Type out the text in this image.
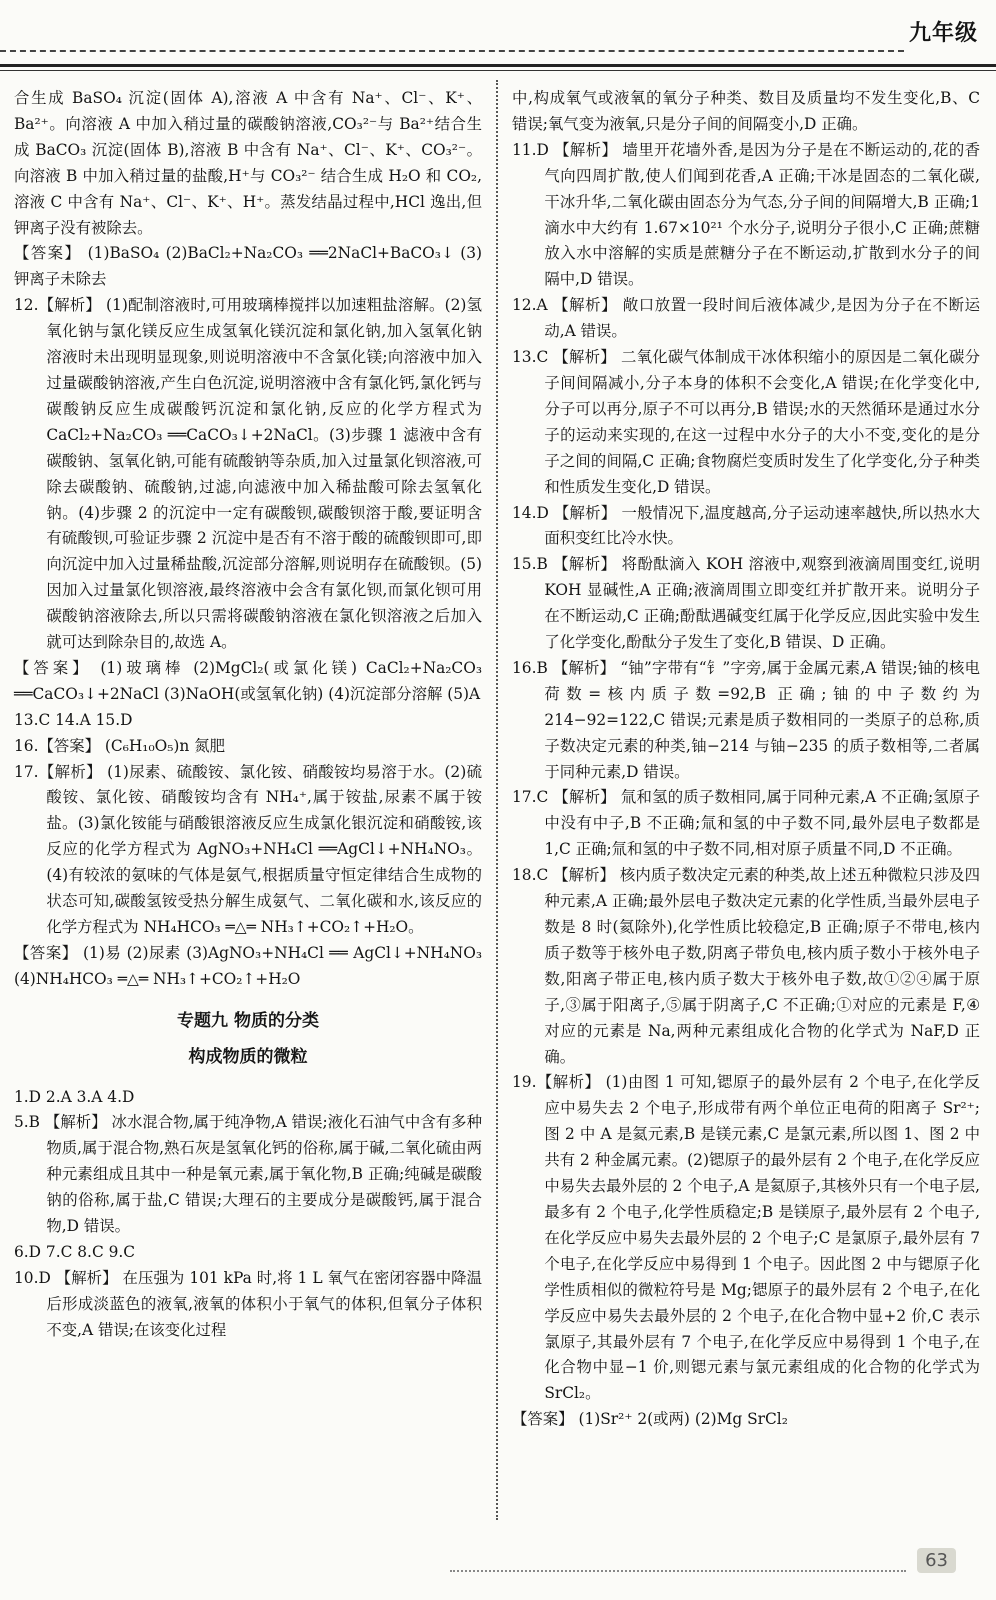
九年级

合生成 BaSO₄ 沉淀(固体 A),溶液 A 中含有 Na⁺、Cl⁻、K⁺、Ba²⁺。向溶液 A 中加入稍过量的碳酸钠溶液,CO₃²⁻与 Ba²⁺结合生成 BaCO₃ 沉淀(固体 B),溶液 B 中含有 Na⁺、Cl⁻、K⁺、CO₃²⁻。向溶液 B 中加入稍过量的盐酸,H⁺与 CO₃²⁻ 结合生成 H₂O 和 CO₂,溶液 C 中含有 Na⁺、Cl⁻、K⁺、H⁺。蒸发结晶过程中,HCl 逸出,但钾离子没有被除去。

【答案】 (1)BaSO₄ (2)BaCl₂+Na₂CO₃ ══2NaCl+BaCO₃↓ (3)钾离子未除去

12.【解析】 (1)配制溶液时,可用玻璃棒搅拌以加速粗盐溶解。(2)氢氧化钠与氯化镁反应生成氢氧化镁沉淀和氯化钠,加入氢氧化钠溶液时未出现明显现象,则说明溶液中不含氯化镁;向溶液中加入过量碳酸钠溶液,产生白色沉淀,说明溶液中含有氯化钙,氯化钙与碳酸钠反应生成碳酸钙沉淀和氯化钠,反应的化学方程式为 CaCl₂+Na₂CO₃ ══CaCO₃↓+2NaCl。(3)步骤 1 滤液中含有碳酸钠、氢氧化钠,可能有硫酸钠等杂质,加入过量氯化钡溶液,可除去碳酸钠、硫酸钠,过滤,向滤液中加入稀盐酸可除去氢氧化钠。(4)步骤 2 的沉淀中一定有碳酸钡,碳酸钡溶于酸,要证明含有硫酸钡,可验证步骤 2 沉淀中是否有不溶于酸的硫酸钡即可,即向沉淀中加入过量稀盐酸,沉淀部分溶解,则说明存在硫酸钡。(5)因加入过量氯化钡溶液,最终溶液中会含有氯化钡,而氯化钡可用碳酸钠溶液除去,所以只需将碳酸钠溶液在氯化钡溶液之后加入就可达到除杂目的,故选 A。

【答案】 (1)玻璃棒 (2)MgCl₂(或氯化镁) CaCl₂+Na₂CO₃ ══CaCO₃↓+2NaCl (3)NaOH(或氢氧化钠) (4)沉淀部分溶解 (5)A

13.C 14.A 15.D

16.【答案】 (C₆H₁₀O₅)n 氮肥

17.【解析】 (1)尿素、硫酸铵、氯化铵、硝酸铵均易溶于水。(2)硫酸铵、氯化铵、硝酸铵均含有 NH₄⁺,属于铵盐,尿素不属于铵盐。(3)氯化铵能与硝酸银溶液反应生成氯化银沉淀和硝酸铵,该反应的化学方程式为 AgNO₃+NH₄Cl ══AgCl↓+NH₄NO₃。(4)有较浓的氨味的气体是氨气,根据质量守恒定律结合生成物的状态可知,碳酸氢铵受热分解生成氨气、二氧化碳和水,该反应的化学方程式为 NH₄HCO₃ ═△═ NH₃↑+CO₂↑+H₂O。

【答案】 (1)易 (2)尿素 (3)AgNO₃+NH₄Cl ══ AgCl↓+NH₄NO₃ (4)NH₄HCO₃ ═△═ NH₃↑+CO₂↑+H₂O

专题九 物质的分类

构成物质的微粒

1.D 2.A 3.A 4.D

5.B 【解析】 冰水混合物,属于纯净物,A 错误;液化石油气中含有多种物质,属于混合物,熟石灰是氢氧化钙的俗称,属于碱,二氧化硫由两种元素组成且其中一种是氧元素,属于氧化物,B 正确;纯碱是碳酸钠的俗称,属于盐,C 错误;大理石的主要成分是碳酸钙,属于混合物,D 错误。

6.D 7.C 8.C 9.C

10.D 【解析】 在压强为 101 kPa 时,将 1 L 氧气在密闭容器中降温后形成淡蓝色的液氧,液氧的体积小于氧气的体积,但氧分子体积不变,A 错误;在该变化过程

中,构成氧气或液氧的氧分子种类、数目及质量均不发生变化,B、C 错误;氧气变为液氧,只是分子间的间隔变小,D 正确。

11.D 【解析】 墙里开花墙外香,是因为分子是在不断运动的,花的香气向四周扩散,使人们闻到花香,A 正确;干冰是固态的二氧化碳,干冰升华,二氧化碳由固态分为气态,分子间的间隔增大,B 正确;1 滴水中大约有 1.67×10²¹ 个水分子,说明分子很小,C 正确;蔗糖放入水中溶解的实质是蔗糖分子在不断运动,扩散到水分子的间隔中,D 错误。

12.A 【解析】 敞口放置一段时间后液体减少,是因为分子在不断运动,A 错误。

13.C 【解析】 二氧化碳气体制成干冰体积缩小的原因是二氧化碳分子间间隔减小,分子本身的体积不会变化,A 错误;在化学变化中,分子可以再分,原子不可以再分,B 错误;水的天然循环是通过水分子的运动来实现的,在这一过程中水分子的大小不变,变化的是分子之间的间隔,C 正确;食物腐烂变质时发生了化学变化,分子种类和性质发生变化,D 错误。

14.D 【解析】 一般情况下,温度越高,分子运动速率越快,所以热水大面积变红比冷水快。

15.B 【解析】 将酚酞滴入 KOH 溶液中,观察到液滴周围变红,说明 KOH 显碱性,A 正确;液滴周围立即变红并扩散开来。说明分子在不断运动,C 正确;酚酞遇碱变红属于化学反应,因此实验中发生了化学变化,酚酞分子发生了变化,B 错误、D 正确。

16.B 【解析】 “铀”字带有“钅”字旁,属于金属元素,A 错误;铀的核电荷数=核内质子数=92,B 正确;铀的中子数约为 214−92=122,C 错误;元素是质子数相同的一类原子的总称,质子数决定元素的种类,铀−214 与铀−235 的质子数相等,二者属于同种元素,D 错误。

17.C 【解析】 氚和氢的质子数相同,属于同种元素,A 不正确;氢原子中没有中子,B 不正确;氚和氢的中子数不同,最外层电子数都是 1,C 正确;氚和氢的中子数不同,相对原子质量不同,D 不正确。

18.C 【解析】 核内质子数决定元素的种类,故上述五种微粒只涉及四种元素,A 正确;最外层电子数决定元素的化学性质,当最外层电子数是 8 时(氦除外),化学性质比较稳定,B 正确;原子不带电,核内质子数等于核外电子数,阴离子带负电,核内质子数小于核外电子数,阳离子带正电,核内质子数大于核外电子数,故①②④属于原子,③属于阳离子,⑤属于阴离子,C 不正确;①对应的元素是 F,④对应的元素是 Na,两种元素组成化合物的化学式为 NaF,D 正确。

19.【解析】 (1)由图 1 可知,锶原子的最外层有 2 个电子,在化学反应中易失去 2 个电子,形成带有两个单位正电荷的阳离子 Sr²⁺;图 2 中 A 是氦元素,B 是镁元素,C 是氯元素,所以图 1、图 2 中共有 2 种金属元素。(2)锶原子的最外层有 2 个电子,在化学反应中易失去最外层的 2 个电子,A 是氦原子,其核外只有一个电子层,最多有 2 个电子,化学性质稳定;B 是镁原子,最外层有 2 个电子,在化学反应中易失去最外层的 2 个电子;C 是氯原子,最外层有 7 个电子,在化学反应中易得到 1 个电子。因此图 2 中与锶原子化学性质相似的微粒符号是 Mg;锶原子的最外层有 2 个电子,在化学反应中易失去最外层的 2 个电子,在化合物中显+2 价,C 表示氯原子,其最外层有 7 个电子,在化学反应中易得到 1 个电子,在化合物中显−1 价,则锶元素与氯元素组成的化合物的化学式为 SrCl₂。

【答案】 (1)Sr²⁺ 2(或两) (2)Mg SrCl₂

63
